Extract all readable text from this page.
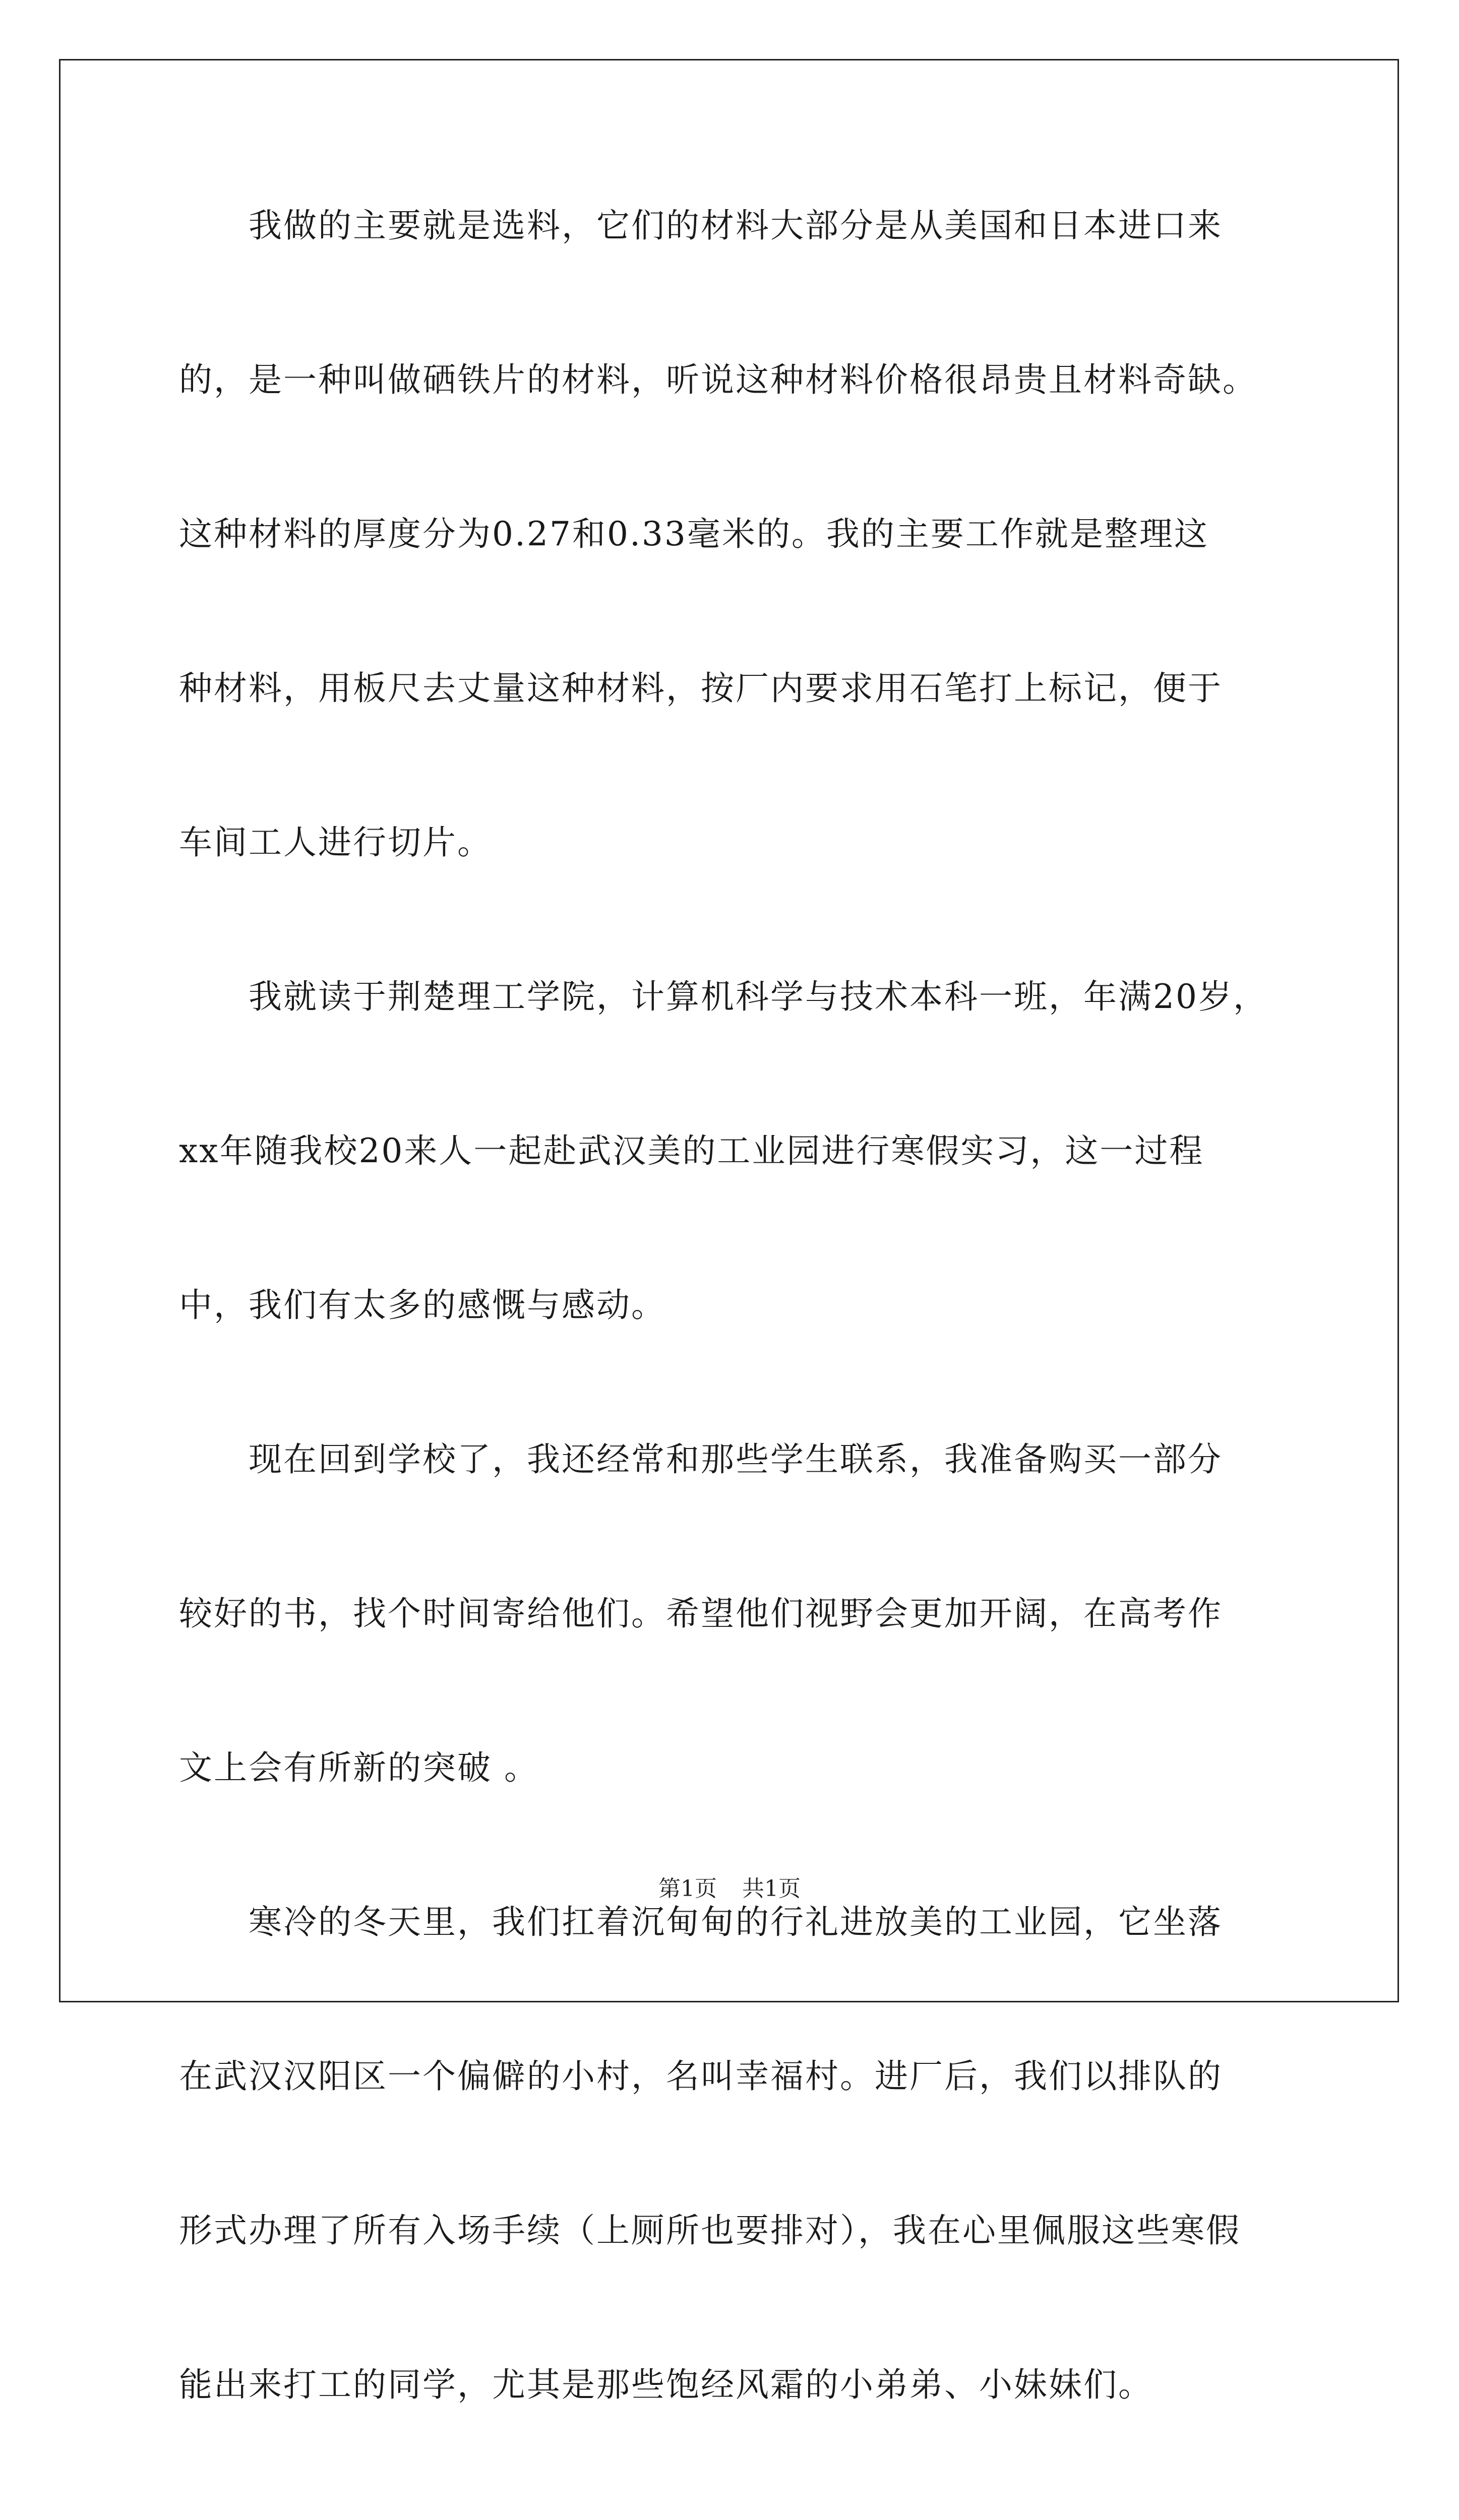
我做的主要就是选料，它们的材料大部分是从美国和日本进口来
的，是一种叫做硒铁片的材料，听说这种材料价格很昂贵且材料奇缺。
这种材料的厚度分为0.27和0.33毫米的。我的主要工作就是整理这
种材料，用板尺去丈量这种材料，按厂内要求用石笔打上标记，便于
车间工人进行切片。
我就读于荆楚理工学院，计算机科学与技术本科一班，年满20岁，
xx年随我校20来人一起赴武汉美的工业园进行寒假实习，这一过程
中，我们有太多的感慨与感动。
现在回到学校了，我还经常和那些学生联系，我准备购买一部分
较好的书，找个时间寄给他们。希望他们视野会更加开阔，在高考作
文上会有所新的突破 。
寒冷的冬天里，我们扛着沉甸甸的行礼进放美的工业园，它坐落
在武汉汉阳区一个偏僻的小村，名叫幸福村。进厂后，我们以排队的
形式办理了所有入场手续（上厕所也要排对），我在心里佩服这些寒假
能出来打工的同学，尤其是那些饱经风霜的小弟弟、小妹妹们。
第1页 共1页
